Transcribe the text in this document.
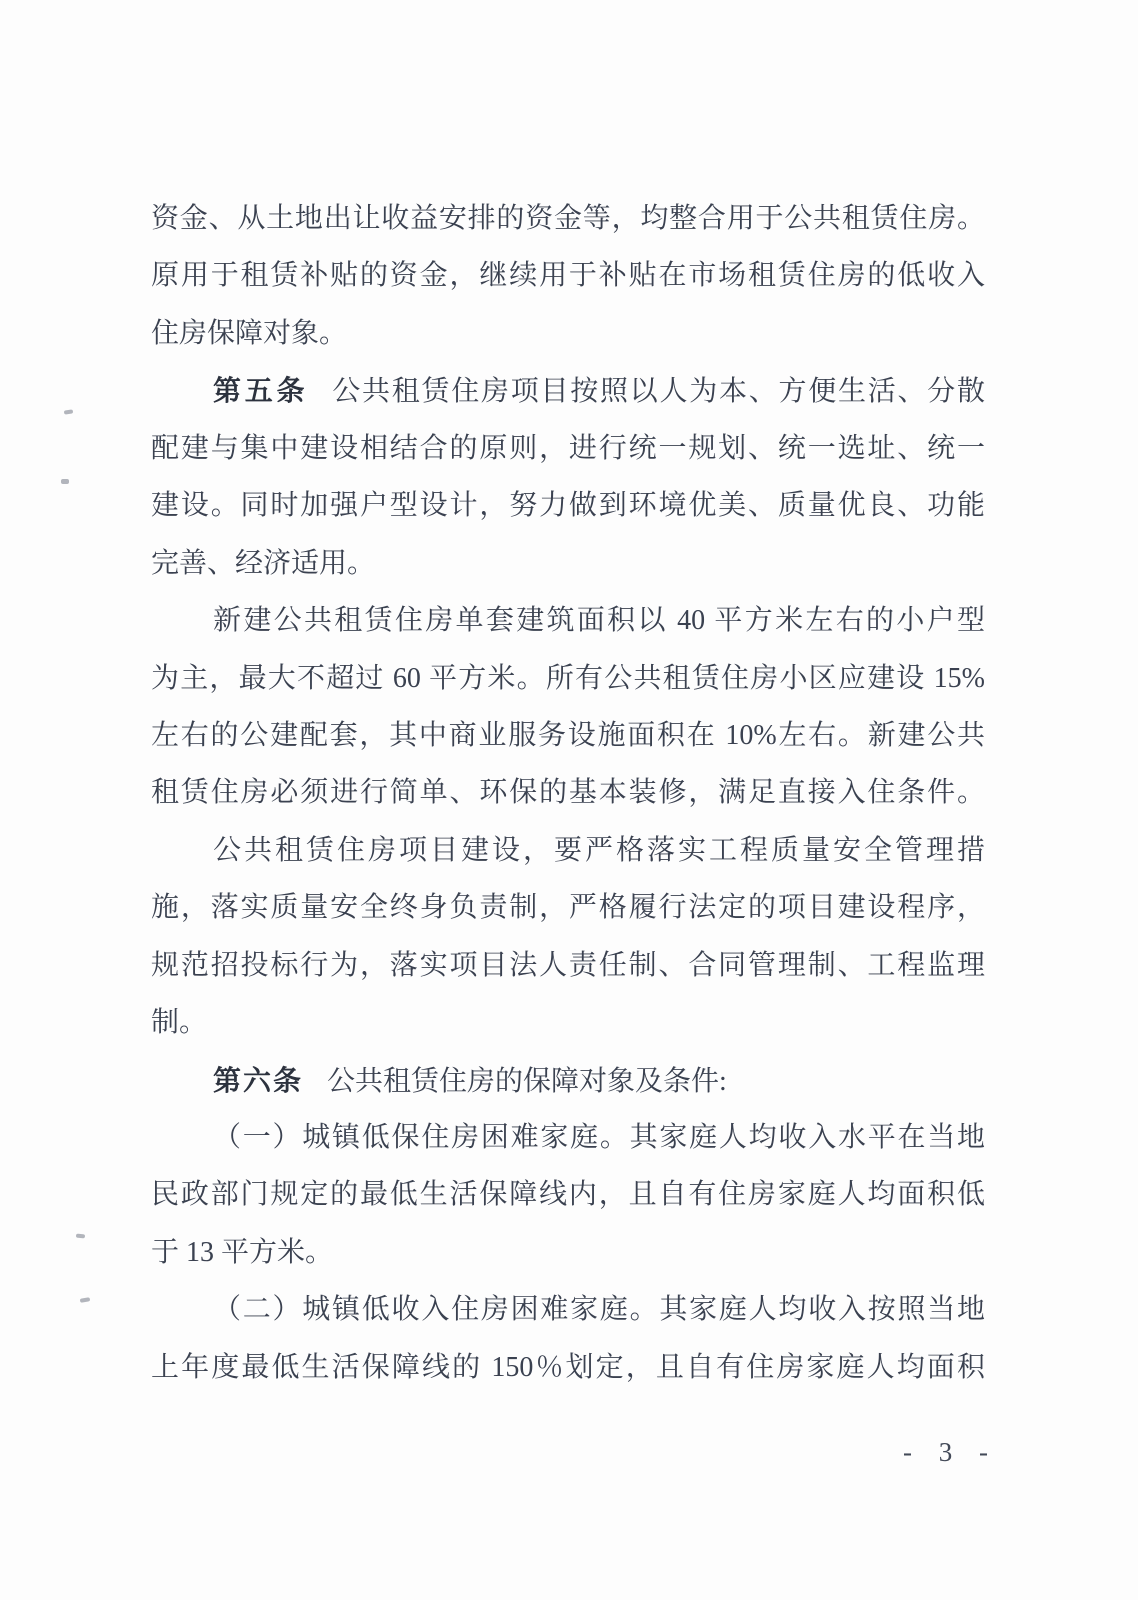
资金、从土地出让收益安排的资金等，均整合用于公共租赁住房。
原用于租赁补贴的资金，继续用于补贴在市场租赁住房的低收入
住房保障对象。
第五条 公共租赁住房项目按照以人为本、方便生活、分散
配建与集中建设相结合的原则，进行统一规划、统一选址、统一
建设。同时加强户型设计，努力做到环境优美、质量优良、功能
完善、经济适用。
新建公共租赁住房单套建筑面积以 40 平方米左右的小户型
为主，最大不超过 60 平方米。所有公共租赁住房小区应建设 15%
左右的公建配套，其中商业服务设施面积在 10%左右。新建公共
租赁住房必须进行简单、环保的基本装修，满足直接入住条件。
公共租赁住房项目建设，要严格落实工程质量安全管理措
施，落实质量安全终身负责制，严格履行法定的项目建设程序，
规范招投标行为，落实项目法人责任制、合同管理制、工程监理
制。
第六条 公共租赁住房的保障对象及条件:
（一）城镇低保住房困难家庭。其家庭人均收入水平在当地
民政部门规定的最低生活保障线内，且自有住房家庭人均面积低
于 13 平方米。
（二）城镇低收入住房困难家庭。其家庭人均收入按照当地
上年度最低生活保障线的 150％划定，且自有住房家庭人均面积
- 3 -
